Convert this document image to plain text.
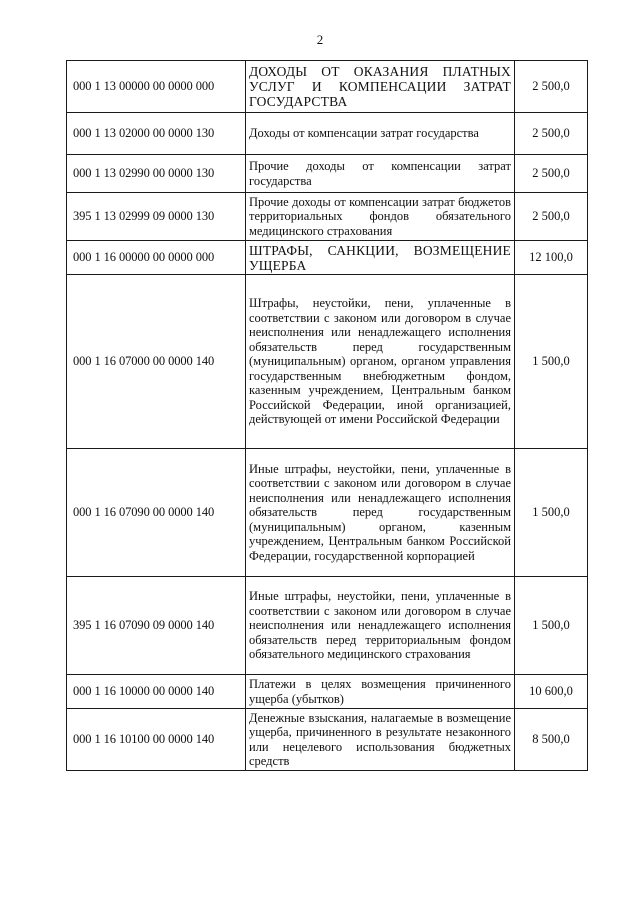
2
000 1 13 00000 00 0000 000	ДОХОДЫ ОТ ОКАЗАНИЯ ПЛАТНЫХ УСЛУГ И КОМПЕНСАЦИИ ЗАТРАТ ГОСУДАРСТВА	2 500,0
000 1 13 02000 00 0000 130	Доходы от компенсации затрат государства	2 500,0
000 1 13 02990 00 0000 130	Прочие доходы от компенсации затрат государства	2 500,0
395 1 13 02999 09 0000 130	Прочие доходы от компенсации затрат бюджетов территориальных фондов обязательного медицинского страхования	2 500,0
000 1 16 00000 00 0000 000	ШТРАФЫ, САНКЦИИ, ВОЗМЕЩЕНИЕ УЩЕРБА	12 100,0
000 1 16 07000 00 0000 140	Штрафы, неустойки, пени, уплаченные в соответствии с законом или договором в случае неисполнения или ненадлежащего исполнения обязательств перед государственным (муниципальным) органом, органом управления государственным внебюджетным фондом, казенным учреждением, Центральным банком Российской Федерации, иной организацией, действующей от имени Российской Федерации	1 500,0
000 1 16 07090 00 0000 140	Иные штрафы, неустойки, пени, уплаченные в соответствии с законом или договором в случае неисполнения или ненадлежащего исполнения обязательств перед государственным (муниципальным) органом, казенным учреждением, Центральным банком Российской Федерации, государственной корпорацией	1 500,0
395 1 16 07090 09 0000 140	Иные штрафы, неустойки, пени, уплаченные в соответствии с законом или договором в случае неисполнения или ненадлежащего исполнения обязательств перед территориальным фондом обязательного медицинского страхования	1 500,0
000 1 16 10000 00 0000 140	Платежи в целях возмещения причиненного ущерба (убытков)	10 600,0
000 1 16 10100 00 0000 140	Денежные взыскания, налагаемые в возмещение ущерба, причиненного в результате незаконного или нецелевого использования бюджетных средств	8 500,0
